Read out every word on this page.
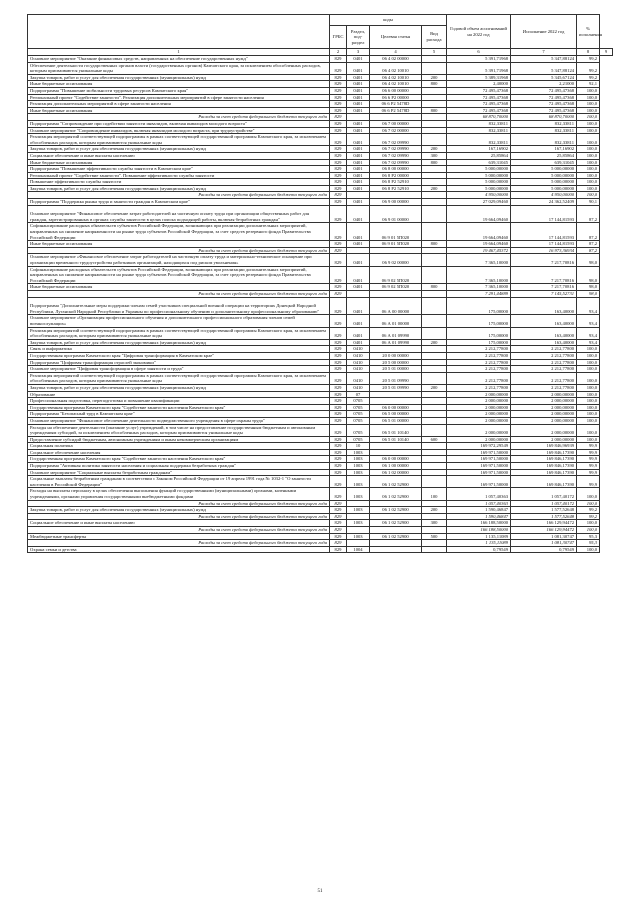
	коды				Годовой объем ассигнований на 2022 год	Исполнение 2022 год	% исполнения	
	ГРБС	Раздел, под-раздел	Целевая статья	Вид расхода				
1	2	3	4	5	6	7	8	9
Основное мероприятие "Оказание финансовых средств, направленных на обеспечение государственных нужд"	829	0401	06 4 02 00000		5 391,71968	5 347,88124	99,2	
Обеспечение деятельности государственных органов власти (государственных органов) Камчатского края, за исключением обособленных расходов, которым присваиваются уникальные коды	829	0401	06 4 02 10010		5 391,71968	5 347,88124	99,2	
Закупка товаров, работ и услуг для обеспечения государственных (муниципальных) нужд	829	0401	06 4 02 10010	200	5 389,31968	5 345,67124	99,2	
Иные бюджетные ассигнования	829	0401	06 4 02 10010	800	2,40000	2,21000	92,1	
Подпрограмма "Повышение мобильности трудовых ресурсов Камчатского края"	829	0401	06 6 00 00000		72 495,47368	72 495,47368	100,0	
Региональный проект "Содействие занятости". Реализация дополнительных мероприятий в сфере занятости населения	829	0401	06 6 P2 00000		72 495,47368	72 495,47368	100,0	
Реализация дополнительных мероприятий в сфере занятости населения	829	0401	06 6 P2 5478D		72 495,47368	72 495,47368	100,0	
Иные бюджетные ассигнования	829	0401	06 6 P2 5478D	800	72 495,47368	72 495,47368	100,0	
Расходы за счет средств федерального бюджета текущего года	829				68 870,70000	68 870,70000	100,0	
Подпрограмма "Сопровождение при содействии занятости инвалидов, включая инвалидов молодого возраста"	829	0401	06 7 00 00000		832,33811	832,33811	100,0	
Основное мероприятие "Сопровождение инвалидов, включая инвалидов молодого возраста, при трудоустройстве"	829	0401	06 7 02 00000		832,33811	832,33811	100,0	
Реализация мероприятий соответствующей подпрограммы в рамках соответствующей государственной программы Камчатского края, за исключением обособленных расходов, которым присваиваются уникальные коды	829	0401	06 7 02 09990		832,33811	832,33811	100,0	
Закупка товаров, работ и услуг для обеспечения государственных (муниципальных) нужд	829	0401	06 7 02 09990	200	167,16902	167,16902	100,0	
Социальное обеспечение и иные выплаты населению	829	0401	06 7 02 09990	300	25,85864	25,85864	100,0	
Иные бюджетные ассигнования	829	0401	06 7 02 09990	800	639,31045	639,31045	100,0	
Подпрограмма "Повышение эффективности службы занятости в Камчатском крае"	829	0401	06 8 00 00000		5 000,00000	5 000,00000	100,0	
Региональный проект "Содействие занятости". Повышение эффективности службы занятости	829	0401	06 8 P2 00000		5 000,00000	5 000,00000	100,0	
Повышение эффективности службы занятости	829	0401	06 8 P2 52910		5 000,00000	5 000,00000	100,0	
Закупка товаров, работ и услуг для обеспечения государственных (муниципальных) нужд	829	0401	06 8 P2 52910	200	5 000,00000	5 000,00000	100,0	
Расходы за счет средств федерального бюджета текущего года	829				4 950,00000	4 950,00000	100,0	
Подпрограмма "Поддержка рынка труда и занятости граждан в Камчатском крае"	829	0401	06 9 00 00000		27 029,09460	24 362,52409	90,1	
Основное мероприятие "Финансовое обеспечение затрат работодателей на частичную оплату труда при организации общественных работ для граждан, зарегистрированных в органах службы занятости в целях поиска подходящей работы, включая безработных граждан"	829	0401	06 9 01 00000		19 664,09460	17 144,81593	87,2	
Софинансирование расходных обязательств субъектов Российской Федерации, возникающих при реализации дополнительных мероприятий, направленных на снижение напряженности на рынке труда субъектов Российской Федерации, за счет средств резервного фонда Правительства Российской Федерации	829	0401	06 9 01 5П020		19 664,09460	17 144,81593	87,2	
Иные бюджетные ассигнования	829	0401	06 9 01 5П020	800	19 664,09460	17 144,81593	87,2	
Расходы за счет средств федерального бюджета текущего года	829				19 467,45372	16 973,36934	87,2	
Основное мероприятие «Финансовое обеспечение затрат работодателей на частичную оплату труда и материально-техническое оснащение при организации временного трудоустройства работников организаций, находящихся под риском увольнения»	829	0401	06 9 02 00000		7 365,10000	7 217,70816	98,0	
Софинансирование расходных обязательств субъектов Российской Федерации, возникающих при реализации дополнительных мероприятий, направленных на снижение напряженности на рынке труда субъектов Российской Федерации, за счет средств резервного фонда Правительства Российской Федерации	829	0401	06 9 02 5П020		7 365,10000	7 217,70816	98,0	
Иные бюджетные ассигнования	829	0401	06 9 02 5П020	800	7 365,10000	7 217,70816	98,0	
Расходы за счет средств федерального бюджета текущего года	829				7 291,44889	7 145,52731	98,0	
Подпрограмма "Дополнительные меры поддержки членам семей участников специальной военной операции на территориях Донецкой Народной Республики, Луганской Народной Республики и Украины по профессиональному обучению и дополнительному профессиональному образованию"	829	0401	06 А 00 00000		175,00000	163,40000	93,4	
Основное мероприятие «Организация профессионального обучения и дополнительного профессионального образования членов семей военнослужащих»	829	0401	06 А 01 00000		175,00000	163,40000	93,4	
Реализация мероприятий соответствующей подпрограммы в рамках соответствующей государственной программы Камчатского края, за исключением обособленных расходов, которым присваиваются уникальные коды	829	0401	06 А 01 09990		175,00000	163,40000	93,4	
Закупка товаров, работ и услуг для обеспечения государственных (муниципальных) нужд	829	0401	06 А 01 09990	200	175,00000	163,40000	93,4	
Связь и информатика	829	0410			2 212,77800	2 212,77800	100,0	
Государственная программа Камчатского края "Цифровая трансформация в Камчатском крае"	829	0410	20 0 00 00000		2 212,77800	2 212,77800	100,0	
Подпрограмма "Цифровая трансформация отраслей экономики"	829	0410	20 5 00 00000		2 212,77800	2 212,77800	100,0	
Основное мероприятие "Цифровая трансформация в сфере занятости и труда"	829	0410	20 5 01 00000		2 212,77800	2 212,77800	100,0	
Реализация мероприятий соответствующей подпрограммы в рамках соответствующей государственной программы Камчатского края, за исключением обособленных расходов, которым присваиваются уникальные коды	829	0410	20 5 01 09990		2 212,77800	2 212,77800	100,0	
Закупка товаров, работ и услуг для обеспечения государственных (муниципальных) нужд	829	0410	20 5 01 09990	200	2 212,77800	2 212,77800	100,0	
Образование	829	07			2 000,00000	2 000,00000	100,0	
Профессиональная подготовка, переподготовка и повышение квалификации	829	0705			2 000,00000	2 000,00000	100,0	
Государственная программа Камчатского края "Содействие занятости населения Камчатского края"	829	0705	06 0 00 00000		2 000,00000	2 000,00000	100,0	
Подпрограмма "Безопасный труд в Камчатском крае"	829	0705	06 5 00 00000		2 000,00000	2 000,00000	100,0	
Основное мероприятие "Финансовое обеспечение деятельности подведомственного учреждения в сфере охраны труда"	829	0705	06 5 01 00000		2 000,00000	2 000,00000	100,0	
Расходы на обеспечение деятельности (оказание услуг) учреждений, в том числе на предоставление государственным бюджетным и автономным учреждениям субсидий, за исключением обособленных расходов, которым присваиваются уникальные коды	829	0705	06 5 01 10140		2 000,00000	2 000,00000	100,0	
Предоставление субсидий бюджетным, автономным учреждениям и иным некоммерческим организациям	829	0705	06 5 01 10140	600	2 000,00000	2 000,00000	100,0	
Социальная политика	829	10			169 972,29549	169 846,96939	99,9	
Социальное обеспечение населения	829	1003			169 971,50000	169 846,17390	99,9	
Государственная программа Камчатского края "Содействие занятости населения Камчатского края"	829	1003	06 0 00 00000		169 971,50000	169 846,17390	99,9	
Подпрограмма "Активная политика занятости населения и социальная поддержка безработных граждан"	829	1003	06 1 00 00000		169 971,50000	169 846,17390	99,9	
Основное мероприятие "Социальные выплаты безработным гражданам"	829	1003	06 1 02 00000		169 971,50000	169 846,17390	99,9	
Социальные выплаты безработным гражданам в соответствии с Законом Российской Федерации от 19 апреля 1991 года № 1032-1 "О занятости населения в Российской Федерации"	829	1003	06 1 02 52900		169 971,50000	169 846,17390	99,9	
Расходы на выплаты персоналу в целях обеспечения выполнения функций государственными (муниципальными) органами, казенными учреждениями, органами управления государственными внебюджетными фондами	829	1003	06 1 02 52900	100	1 057,40363	1 057,40172	100,0	
Расходы за счет средств федерального бюджета текущего года	829				1 057,40363	1 057,40172	100,0	
Закупка товаров, работ и услуг для обеспечения государственных (муниципальных) нужд	829	1003	06 1 02 52900	200	1 590,46847	1 577,52648	99,2	
Расходы за счет средств федерального бюджета текущего года	829				1 590,46847	1 577,52648	99,2	
Социальное обеспечение и иные выплаты населению	829	1003	06 1 02 52900	300	166 188,50000	166 129,94472	100,0	
Расходы за счет средств федерального бюджета текущего года	829				166 188,50000	166 129,94472	100,0	
Межбюджетные трансферты	829	1003	06 1 02 52900	500	1 135,11089	1 081,30747	95,3	
Расходы за счет средств федерального бюджета текущего года	829				1 135,11089	1 081,30747	95,3	
Охрана семьи и детства	829	1004			0,79549	0,79549	100,0	
51
